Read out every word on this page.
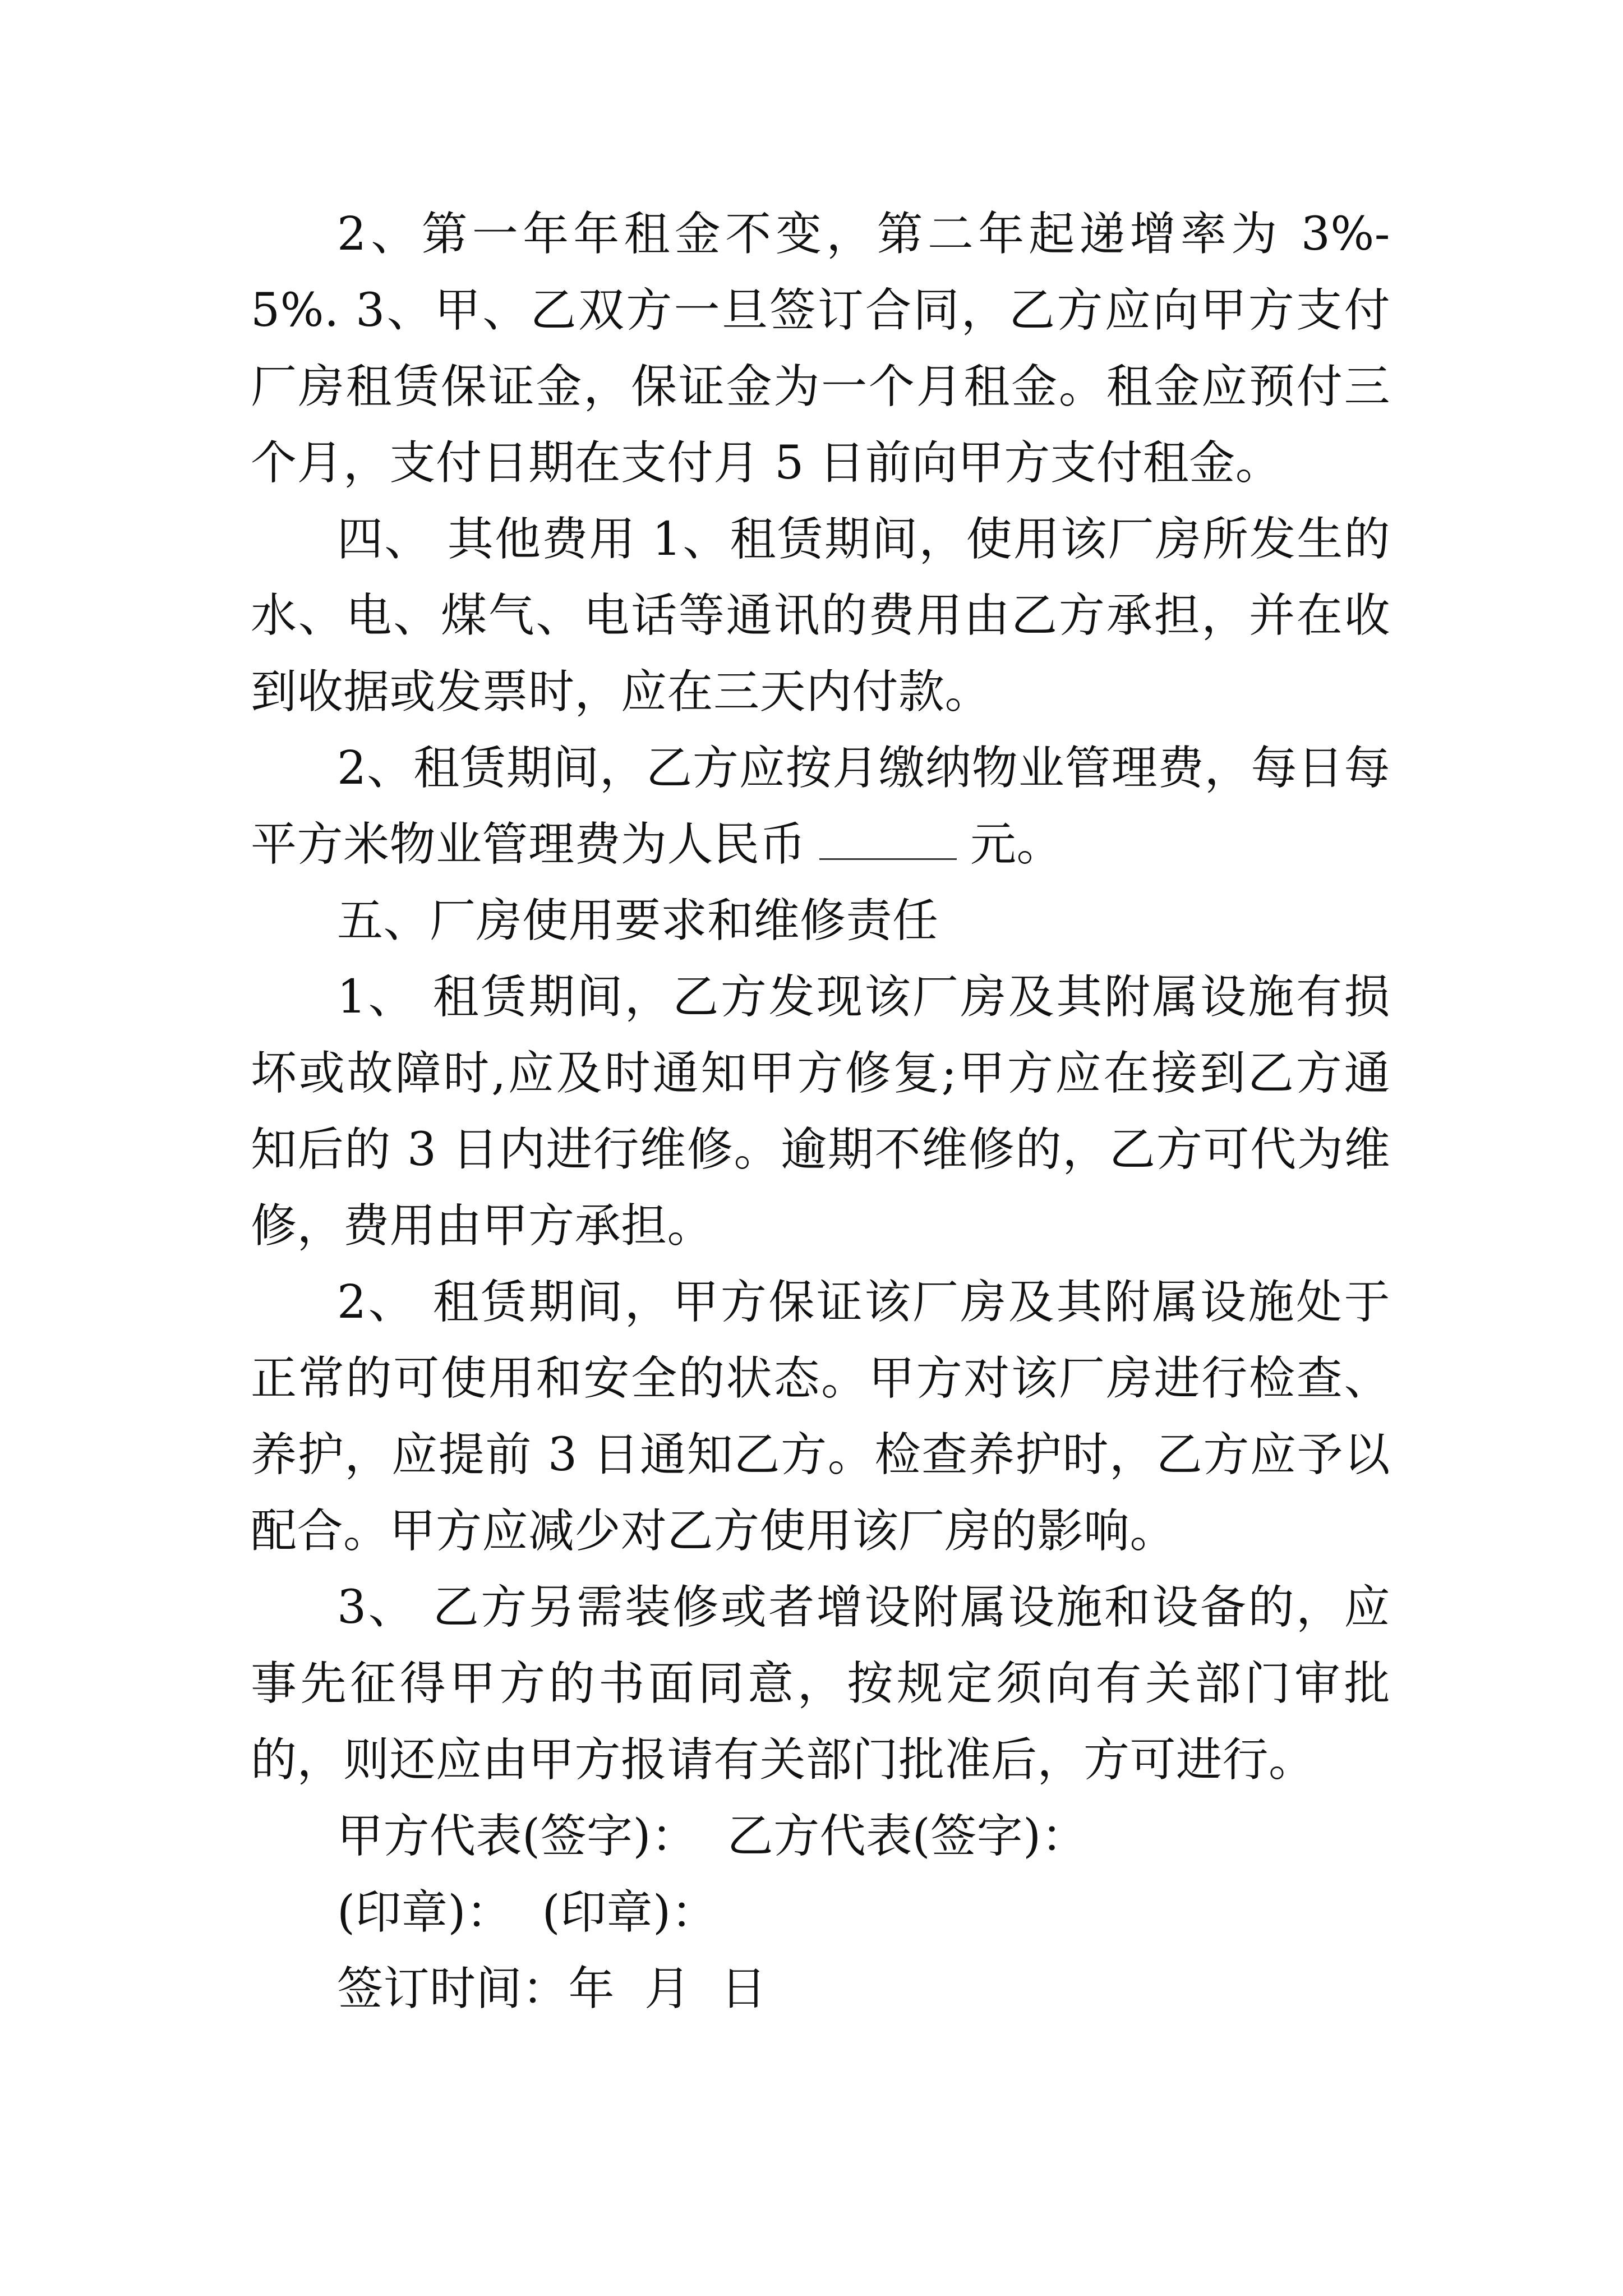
2、第一年年租金不变，第二年起递增率为 3%-5%. 3、甲、乙双方一旦签订合同，乙方应向甲方支付厂房租赁保证金，保证金为一个月租金。租金应预付三个月，支付日期在支付月 5 日前向甲方支付租金。

四、 其他费用 1、租赁期间，使用该厂房所发生的水、电、煤气、电话等通讯的费用由乙方承担，并在收到收据或发票时，应在三天内付款。

2、租赁期间，乙方应按月缴纳物业管理费，每日每平方米物业管理费为人民币	元。

五、厂房使用要求和维修责任

1、 租赁期间，乙方发现该厂房及其附属设施有损坏或故障时,应及时通知甲方修复;甲方应在接到乙方通知后的 3 日内进行维修。逾期不维修的，乙方可代为维修，费用由甲方承担。

2、 租赁期间，甲方保证该厂房及其附属设施处于正常的可使用和安全的状态。甲方对该厂房进行检查、养护，应提前 3 日通知乙方。检查养护时，乙方应予以配合。甲方应减少对乙方使用该厂房的影响。

3、 乙方另需装修或者增设附属设施和设备的，应事先征得甲方的书面同意，按规定须向有关部门审批的，则还应由甲方报请有关部门批准后，方可进行。

甲方代表(签字)：  乙方代表(签字)：

(印章)：  (印章)：

签订时间：年  月  日
